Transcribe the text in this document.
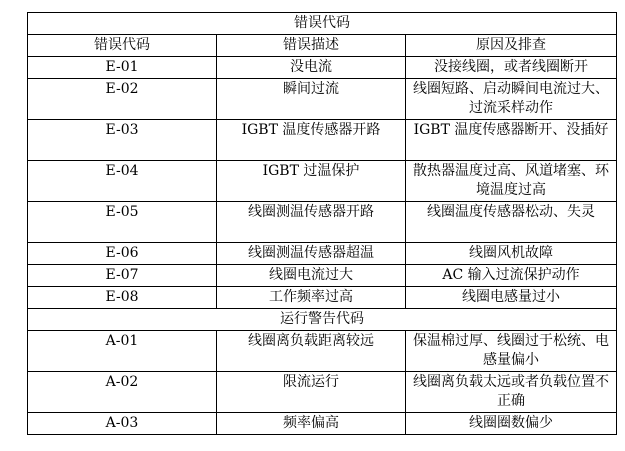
错误代码		
错误代码	错误描述	原因及排查
E-01	没电流	没接线圈，或者线圈断开
E-02	瞬间过流	线圈短路、启动瞬间电流过大、过流采样动作
E-03	IGBT 温度传感器开路	IGBT 温度传感器断开、没插好
E-04	IGBT 过温保护	散热器温度过高、风道堵塞、环境温度过高
E-05	线圈测温传感器开路	线圈温度传感器松动、失灵
E-06	线圈测温传感器超温	线圈风机故障
E-07	线圈电流过大	AC 输入过流保护动作
E-08	工作频率过高	线圈电感量过小
运行警告代码		
A-01	线圈离负载距离较远	保温棉过厚、线圈过于松统、电感量偏小
A-02	限流运行	线圈离负载太远或者负载位置不正确
A-03	频率偏高	线圈圈数偏少
